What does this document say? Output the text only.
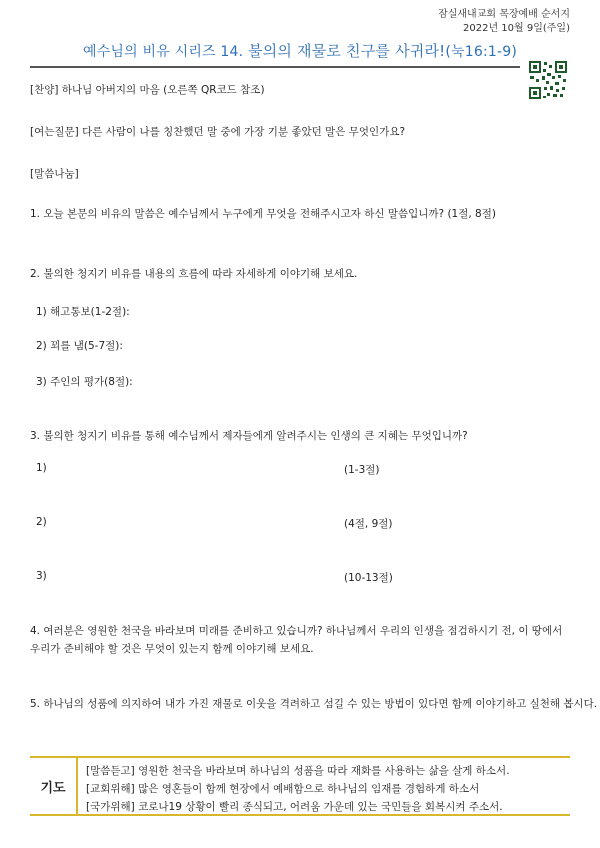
잠실새내교회 목장예배 순서지
2022년 10월 9일(주일)
예수님의 비유 시리즈 14. 불의의 재물로 친구를 사귀라!(눅16:1-9)
[찬양] 하나님 아버지의 마음 (오른쪽 QR코드 참조)
[여는질문] 다른 사람이 나를 칭찬했던 말 중에 가장 기분 좋았던 말은 무엇인가요?
[말씀나눔]
1. 오늘 본문의 비유의 말씀은 예수님께서 누구에게 무엇을 전해주시고자 하신 말씀입니까? (1절, 8절)
2. 불의한 청지기 비유를 내용의 흐름에 따라 자세하게 이야기해 보세요.
1) 해고통보(1-2절):
2) 꾀를 냄(5-7절):
3) 주인의 평가(8절):
3. 불의한 청지기 비유를 통해 예수님께서 제자들에게 알려주시는 인생의 큰 지혜는 무엇입니까?
1)	(1-3절)
2)	(4절, 9절)
3)	(10-13절)
4. 여러분은 영원한 천국을 바라보며 미래를 준비하고 있습니까? 하나님께서 우리의 인생을 점검하시기 전, 이 땅에서 우리가 준비해야 할 것은 무엇이 있는지 함께 이야기해 보세요.
5. 하나님의 성품에 의지하여 내가 가진 재물로 이웃을 격려하고 섬길 수 있는 방법이 있다면 함께 이야기하고 실천해 봅시다.
기도
[말씀듣고] 영원한 천국을 바라보며 하나님의 성품을 따라 재화를 사용하는 삶을 살게 하소서.
[교회위해] 많은 영혼들이 함께 현장에서 예배함으로 하나님의 임재를 경험하게 하소서
[국가위해] 코로나19 상황이 빨리 종식되고, 어려움 가운데 있는 국민들을 회복시켜 주소서.
